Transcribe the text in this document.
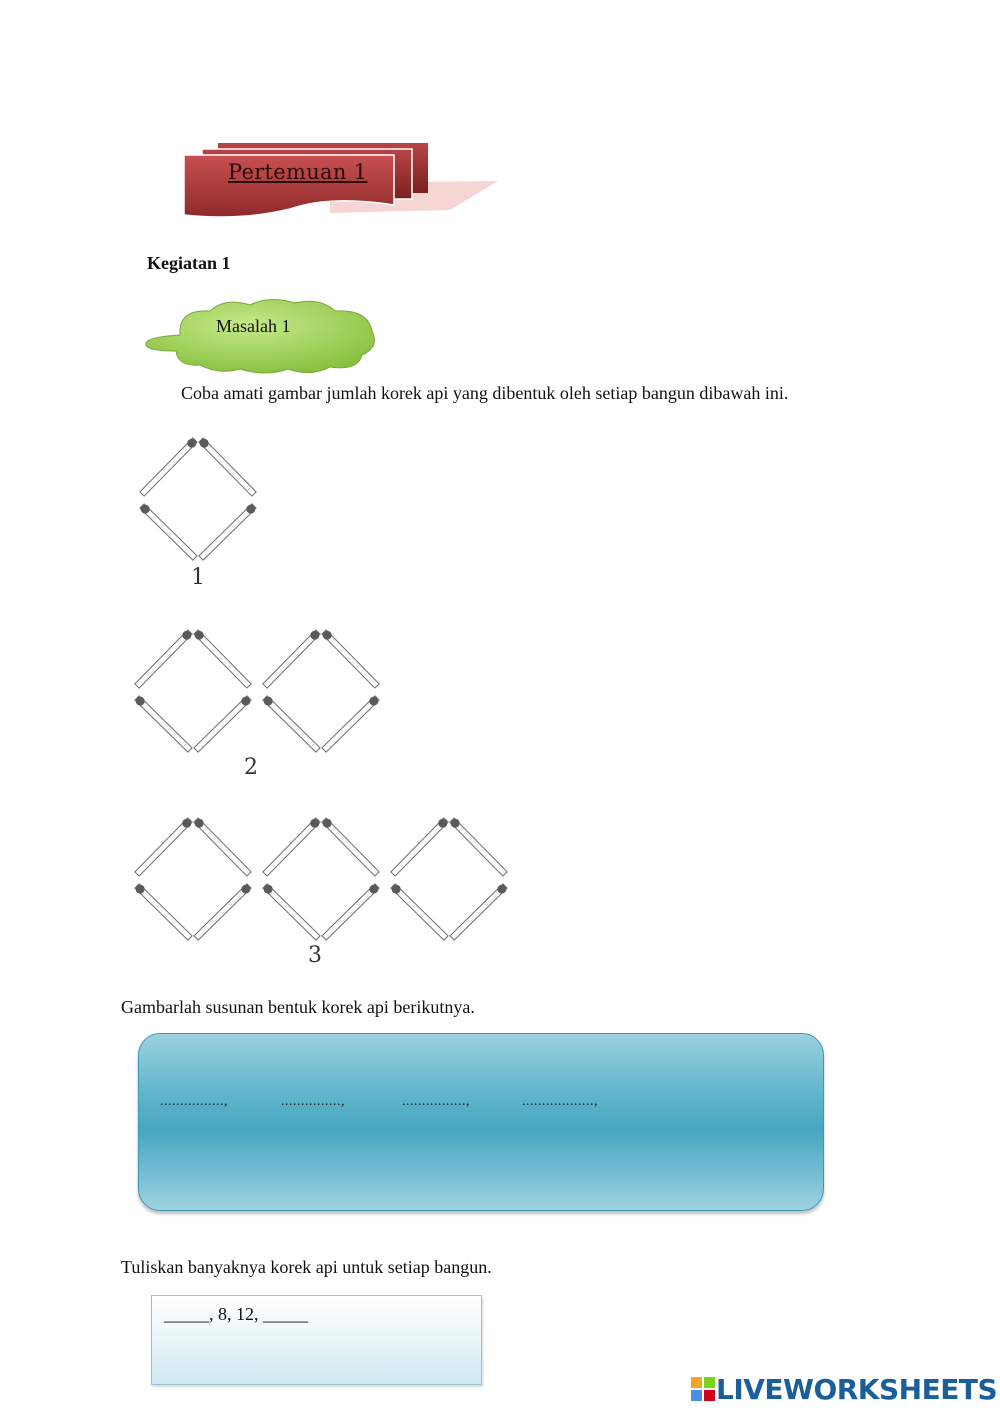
Pertemuan 1
Kegiatan 1
Masalah 1
Coba amati gambar jumlah korek api yang dibentuk oleh setiap bangun dibawah ini.
1
2
3
Gambarlah susunan bentuk korek api berikutnya.
................,	...............,	................,	..................,
Tuliskan banyaknya korek api untuk setiap bangun.
_____, 8, 12, _____
LIVEWORKSHEETS
